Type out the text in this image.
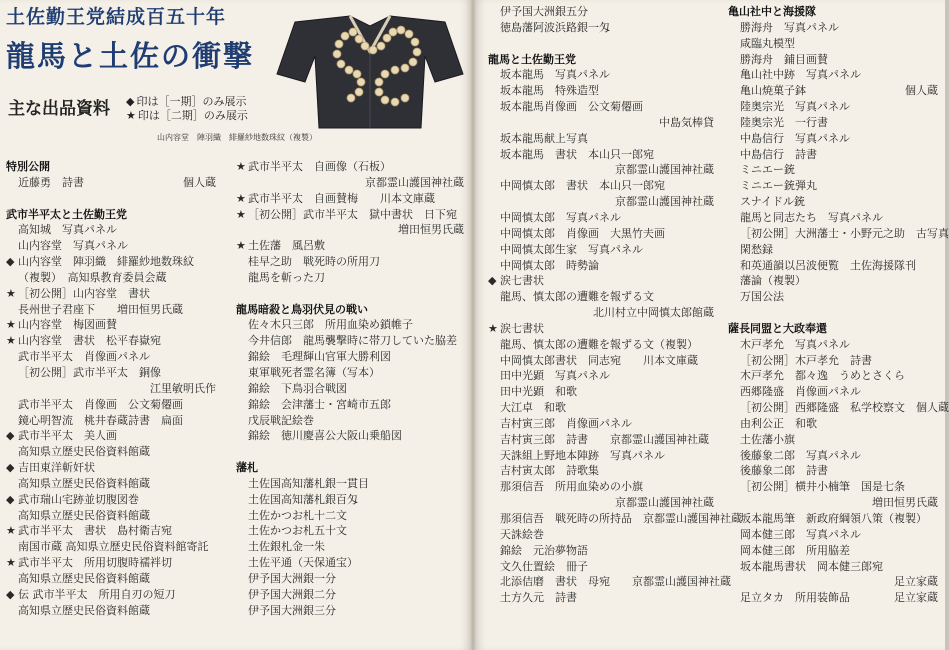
土佐勤王党結成百五十年
龍馬と土佐の衝撃
主な出品資料 ◆ 印は［一期］のみ展示
★ 印は［二期］のみ展示
山内容堂　陣羽織　緋羅紗地数珠紋（複製）
特別公開
近藤勇　詩書	個人蔵
武市半平太と土佐勤王党
高知城　写真パネル
山内容堂　写真パネル
◆ 山内容堂　陣羽織　緋羅紗地数珠紋
（複製）　高知県教育委員会蔵
★ ［初公開］山内容堂　書状
長州世子君座下　　増田恒男氏蔵
★ 山内容堂　梅図画賛
★ 山内容堂　書状　松平春嶽宛
武市半平太　肖像画パネル
［初公開］武市半平太　銅像
江里敏明氏作
武市半平太　肖像画　公文菊僊画
鏡心明智流　桃井春蔵詩書　扁面
◆ 武市半平太　美人画
高知県立歴史民俗資料館蔵
◆ 吉田東洋斬奸状
高知県立歴史民俗資料館蔵
◆ 武市瑞山宅跡並切腹図巻
高知県立歴史民俗資料館蔵
★ 武市半平太　書状　島村衛吉宛
南国市蔵 高知県立歴史民俗資料館寄託
★ 武市半平太　所用切腹時襦袢切
高知県立歴史民俗資料館蔵
◆ 伝 武市半平太　所用自刃の短刀
高知県立歴史民俗資料館蔵
★ 武市半平太　自画像（石板）
京都霊山護国神社蔵
★ 武市半平太　自画賛梅　　川本文庫蔵
★ ［初公開］武市半平太　獄中書状　日下宛
増田恒男氏蔵
★ 土佐藩　風呂敷
桂早之助　戦死時の所用刀
龍馬を斬った刀
龍馬暗殺と鳥羽伏見の戦い
佐々木只三郎　所用血染め鎖帷子
今井信郎　龍馬襲撃時に帯刀していた脇差
錦絵　毛理輝山官軍大勝利図
東軍戦死者霊名簿（写本）
錦絵　下鳥羽合戦図
錦絵　会津藩士・宮崎市五郎
戊辰戦記絵巻
錦絵　徳川慶喜公大阪山乗船図
藩札
土佐国高知藩札銀一貫目
土佐国高知藩札銀百匁
土佐かつお札十二文
土佐かつお札五十文
土佐銀札金一朱
土佐平通（天保通宝）
伊予国大洲銀一分
伊予国大洲銀二分
伊予国大洲銀三分
伊予国大洲銀五分
徳島藩阿波浜路銀一匁
龍馬と土佐勤王党
坂本龍馬　写真パネル
坂本龍馬　特殊造型
坂本龍馬肖像画　公文菊僊画
中島気棒貸
坂本龍馬献上写真
坂本龍馬　書状　本山只一郎宛
京都霊山護国神社蔵
中岡慎太郎　書状　本山只一郎宛
京都霊山護国神社蔵
中岡慎太郎　写真パネル
中岡慎太郎　肖像画　大黒竹夫画
中岡慎太郎生家　写真パネル
中岡慎太郎　時勢論
◆ 涙七書状
龍馬、慎太郎の遭難を報ずる文
北川村立中岡慎太郎館蔵
★ 涙七書状
龍馬、慎太郎の遭難を報ずる文（複製）
中岡慎太郎書状　同志宛　　川本文庫蔵
田中光顕　写真パネル
田中光顕　和歌
大江卓　和歌
吉村寅三郎　肖像画パネル
吉村寅三郎　詩書　　京都霊山護国神社蔵
天誅組上野地本陣跡　写真パネル
吉村寅太郎　詩歌集
那須信吾　所用血染めの小旗
京都霊山護国神社蔵
那須信吾　戦死時の所持品　京都霊山護国神社蔵
天誅絵巻
錦絵　元治夢物語
文久仕置絵　冊子
北添佶磨　書状　母宛　　京都霊山護国神社蔵
土方久元　詩書
亀山社中と海援隊
勝海舟　写真パネル
咸臨丸模型
勝海舟　鋪目画賛
亀山社中跡　写真パネル
亀山焼菓子鉢	個人蔵
陸奥宗光　写真パネル
陸奥宗光　一行書
中島信行　写真パネル
中島信行　詩書
ミニエー銃
ミニエー銃弾丸
スナイドル銃
龍馬と同志たち　写真パネル
［初公開］大洲藩士・小野元之助　古写真
閑愁録
和英通韻以呂波便覧　土佐海援隊刊
藩論（複製）
万国公法
薩長同盟と大政奉還
木戸孝允　写真パネル
［初公開］木戸孝允　詩書
木戸孝允　都々逸　うめとさくら
西郷隆盛　肖像画パネル
［初公開］西郷隆盛　私学校察文　個人蔵
由利公正　和歌
土佐藩小旗
後藤象二郎　写真パネル
後藤象二郎　詩書
［初公開］横井小楠筆　国是七条
増田恒男氏蔵
坂本龍馬筆　新政府綱領八策（複製）
岡本健三郎　写真パネル
岡本健三郎　所用脇差
坂本龍馬書状　岡本健三郎宛
足立家蔵
足立タカ　所用装飾品	足立家蔵
